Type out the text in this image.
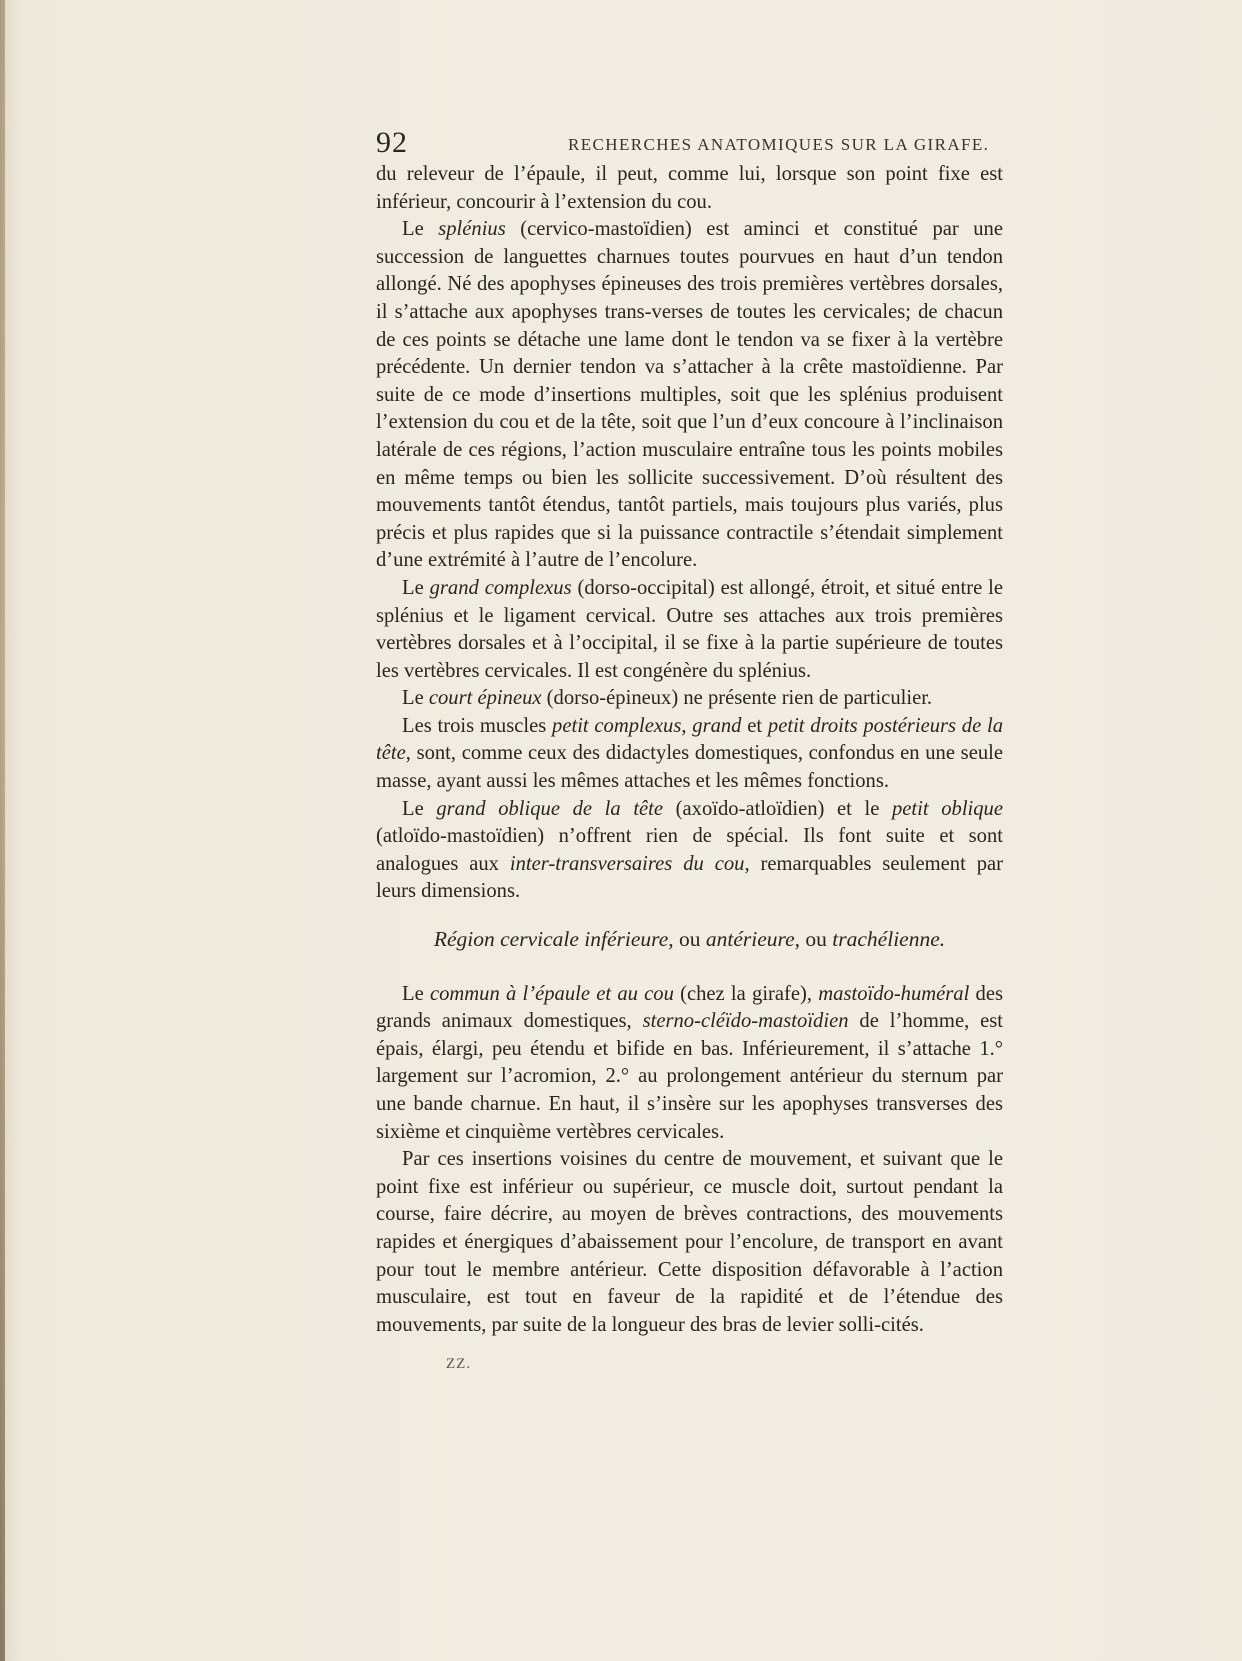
92	RECHERCHES ANATOMIQUES SUR LA GIRAFE.

du releveur de l’épaule, il peut, comme lui, lorsque son point fixe est inférieur, concourir à l’extension du cou.

Le splénius (cervico-mastoïdien) est aminci et constitué par une succession de languettes charnues toutes pourvues en haut d’un tendon allongé. Né des apophyses épineuses des trois premières vertèbres dorsales, il s’attache aux apophyses trans-verses de toutes les cervicales; de chacun de ces points se détache une lame dont le tendon va se fixer à la vertèbre précédente. Un dernier tendon va s’attacher à la crête mastoïdienne. Par suite de ce mode d’insertions multiples, soit que les splénius produisent l’extension du cou et de la tête, soit que l’un d’eux concoure à l’inclinaison latérale de ces régions, l’action musculaire entraîne tous les points mobiles en même temps ou bien les sollicite successivement. D’où résultent des mouvements tantôt étendus, tantôt partiels, mais toujours plus variés, plus précis et plus rapides que si la puissance contractile s’étendait simplement d’une extrémité à l’autre de l’encolure.

Le grand complexus (dorso-occipital) est allongé, étroit, et situé entre le splénius et le ligament cervical. Outre ses attaches aux trois premières vertèbres dorsales et à l’occipital, il se fixe à la partie supérieure de toutes les vertèbres cervicales. Il est congénère du splénius.

Le court épineux (dorso-épineux) ne présente rien de particulier.

Les trois muscles petit complexus, grand et petit droits postérieurs de la tête, sont, comme ceux des didactyles domestiques, confondus en une seule masse, ayant aussi les mêmes attaches et les mêmes fonctions.

Le grand oblique de la tête (axoïdo-atloïdien) et le petit oblique (atloïdo-mastoïdien) n’offrent rien de spécial. Ils font suite et sont analogues aux inter-transversaires du cou, remarquables seulement par leurs dimensions.

Région cervicale inférieure, ou antérieure, ou trachélienne.

Le commun à l’épaule et au cou (chez la girafe), mastoïdo-huméral des grands animaux domestiques, sterno-cléïdo-mastoïdien de l’homme, est épais, élargi, peu étendu et bifide en bas. Inférieurement, il s’attache 1.° largement sur l’acromion, 2.° au prolongement antérieur du sternum par une bande charnue. En haut, il s’insère sur les apophyses transverses des sixième et cinquième vertèbres cervicales.

Par ces insertions voisines du centre de mouvement, et suivant que le point fixe est inférieur ou supérieur, ce muscle doit, surtout pendant la course, faire décrire, au moyen de brèves contractions, des mouvements rapides et énergiques d’abaissement pour l’encolure, de transport en avant pour tout le membre antérieur. Cette disposition défavorable à l’action musculaire, est tout en faveur de la rapidité et de l’étendue des mouvements, par suite de la longueur des bras de levier solli-cités.

ZZ.
